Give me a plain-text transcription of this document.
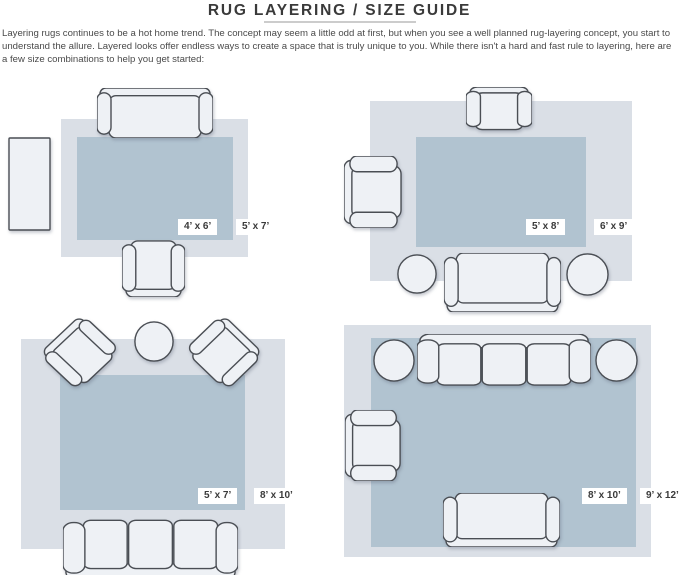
RUG LAYERING / SIZE GUIDE

Layering rugs continues to be a hot home trend. The concept may seem a little odd at first, but when you see a well planned rug-layering concept, you start to understand the allure. Layered looks offer endless ways to create a space that is truly unique to you. While there isn't a hard and fast rule to layering, here are a few size combinations to help you get started:

4’ x 6’	5’ x 7’	5’ x 8’	6’ x 9’
5’ x 7’	8’ x 10’	8’ x 10’	9’ x 12’
